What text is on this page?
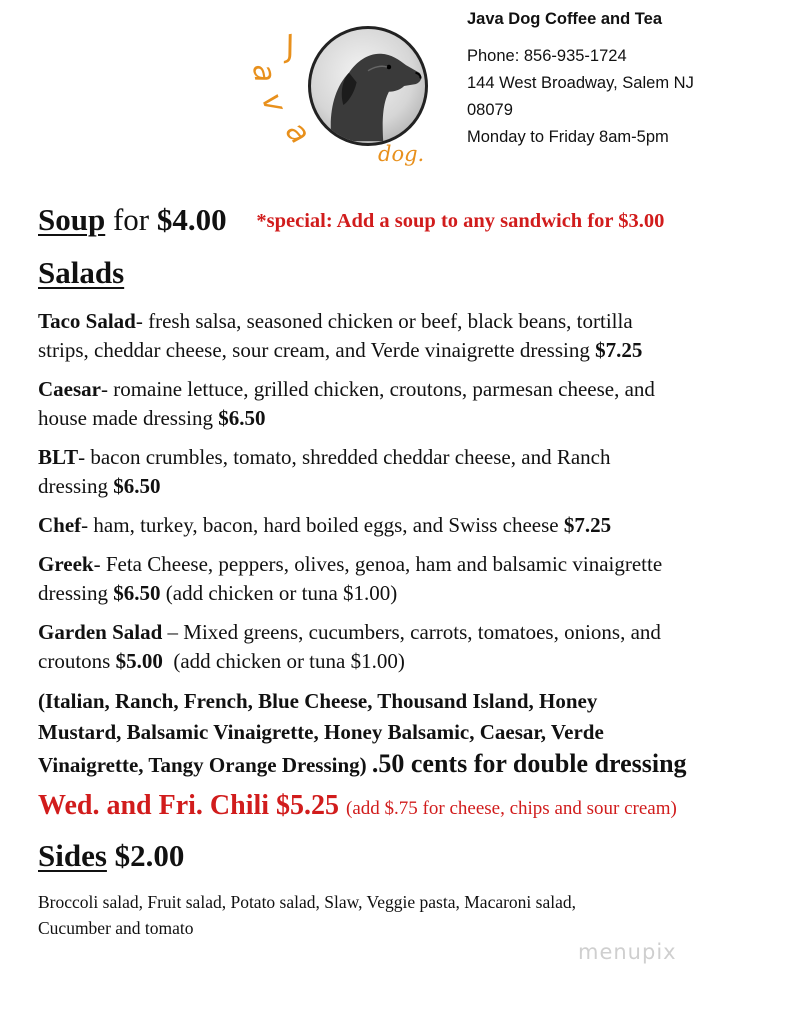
J
a
v
a
dog.
Java Dog Coffee and Tea
Phone: 856-935-1724
144 West Broadway, Salem NJ
08079
Monday to Friday 8am-5pm
Soup for $4.00 *special: Add a soup to any sandwich for $3.00
Salads
Taco Salad- fresh salsa, seasoned chicken or beef, black beans, tortilla
strips, cheddar cheese, sour cream, and Verde vinaigrette dressing $7.25
Caesar- romaine lettuce, grilled chicken, croutons, parmesan cheese, and
house made dressing $6.50
BLT- bacon crumbles, tomato, shredded cheddar cheese, and Ranch
dressing $6.50
Chef- ham, turkey, bacon, hard boiled eggs, and Swiss cheese $7.25
Greek- Feta Cheese, peppers, olives, genoa, ham and balsamic vinaigrette
dressing $6.50 (add chicken or tuna $1.00)
Garden Salad – Mixed greens, cucumbers, carrots, tomatoes, onions, and
croutons $5.00  (add chicken or tuna $1.00)
(Italian, Ranch, French, Blue Cheese, Thousand Island, Honey
Mustard, Balsamic Vinaigrette, Honey Balsamic, Caesar, Verde
Vinaigrette, Tangy Orange Dressing) .50 cents for double dressing
Wed. and Fri. Chili $5.25 (add $.75 for cheese, chips and sour cream)
Sides $2.00
Broccoli salad, Fruit salad, Potato salad, Slaw, Veggie pasta, Macaroni salad,
Cucumber and tomato
menupix
